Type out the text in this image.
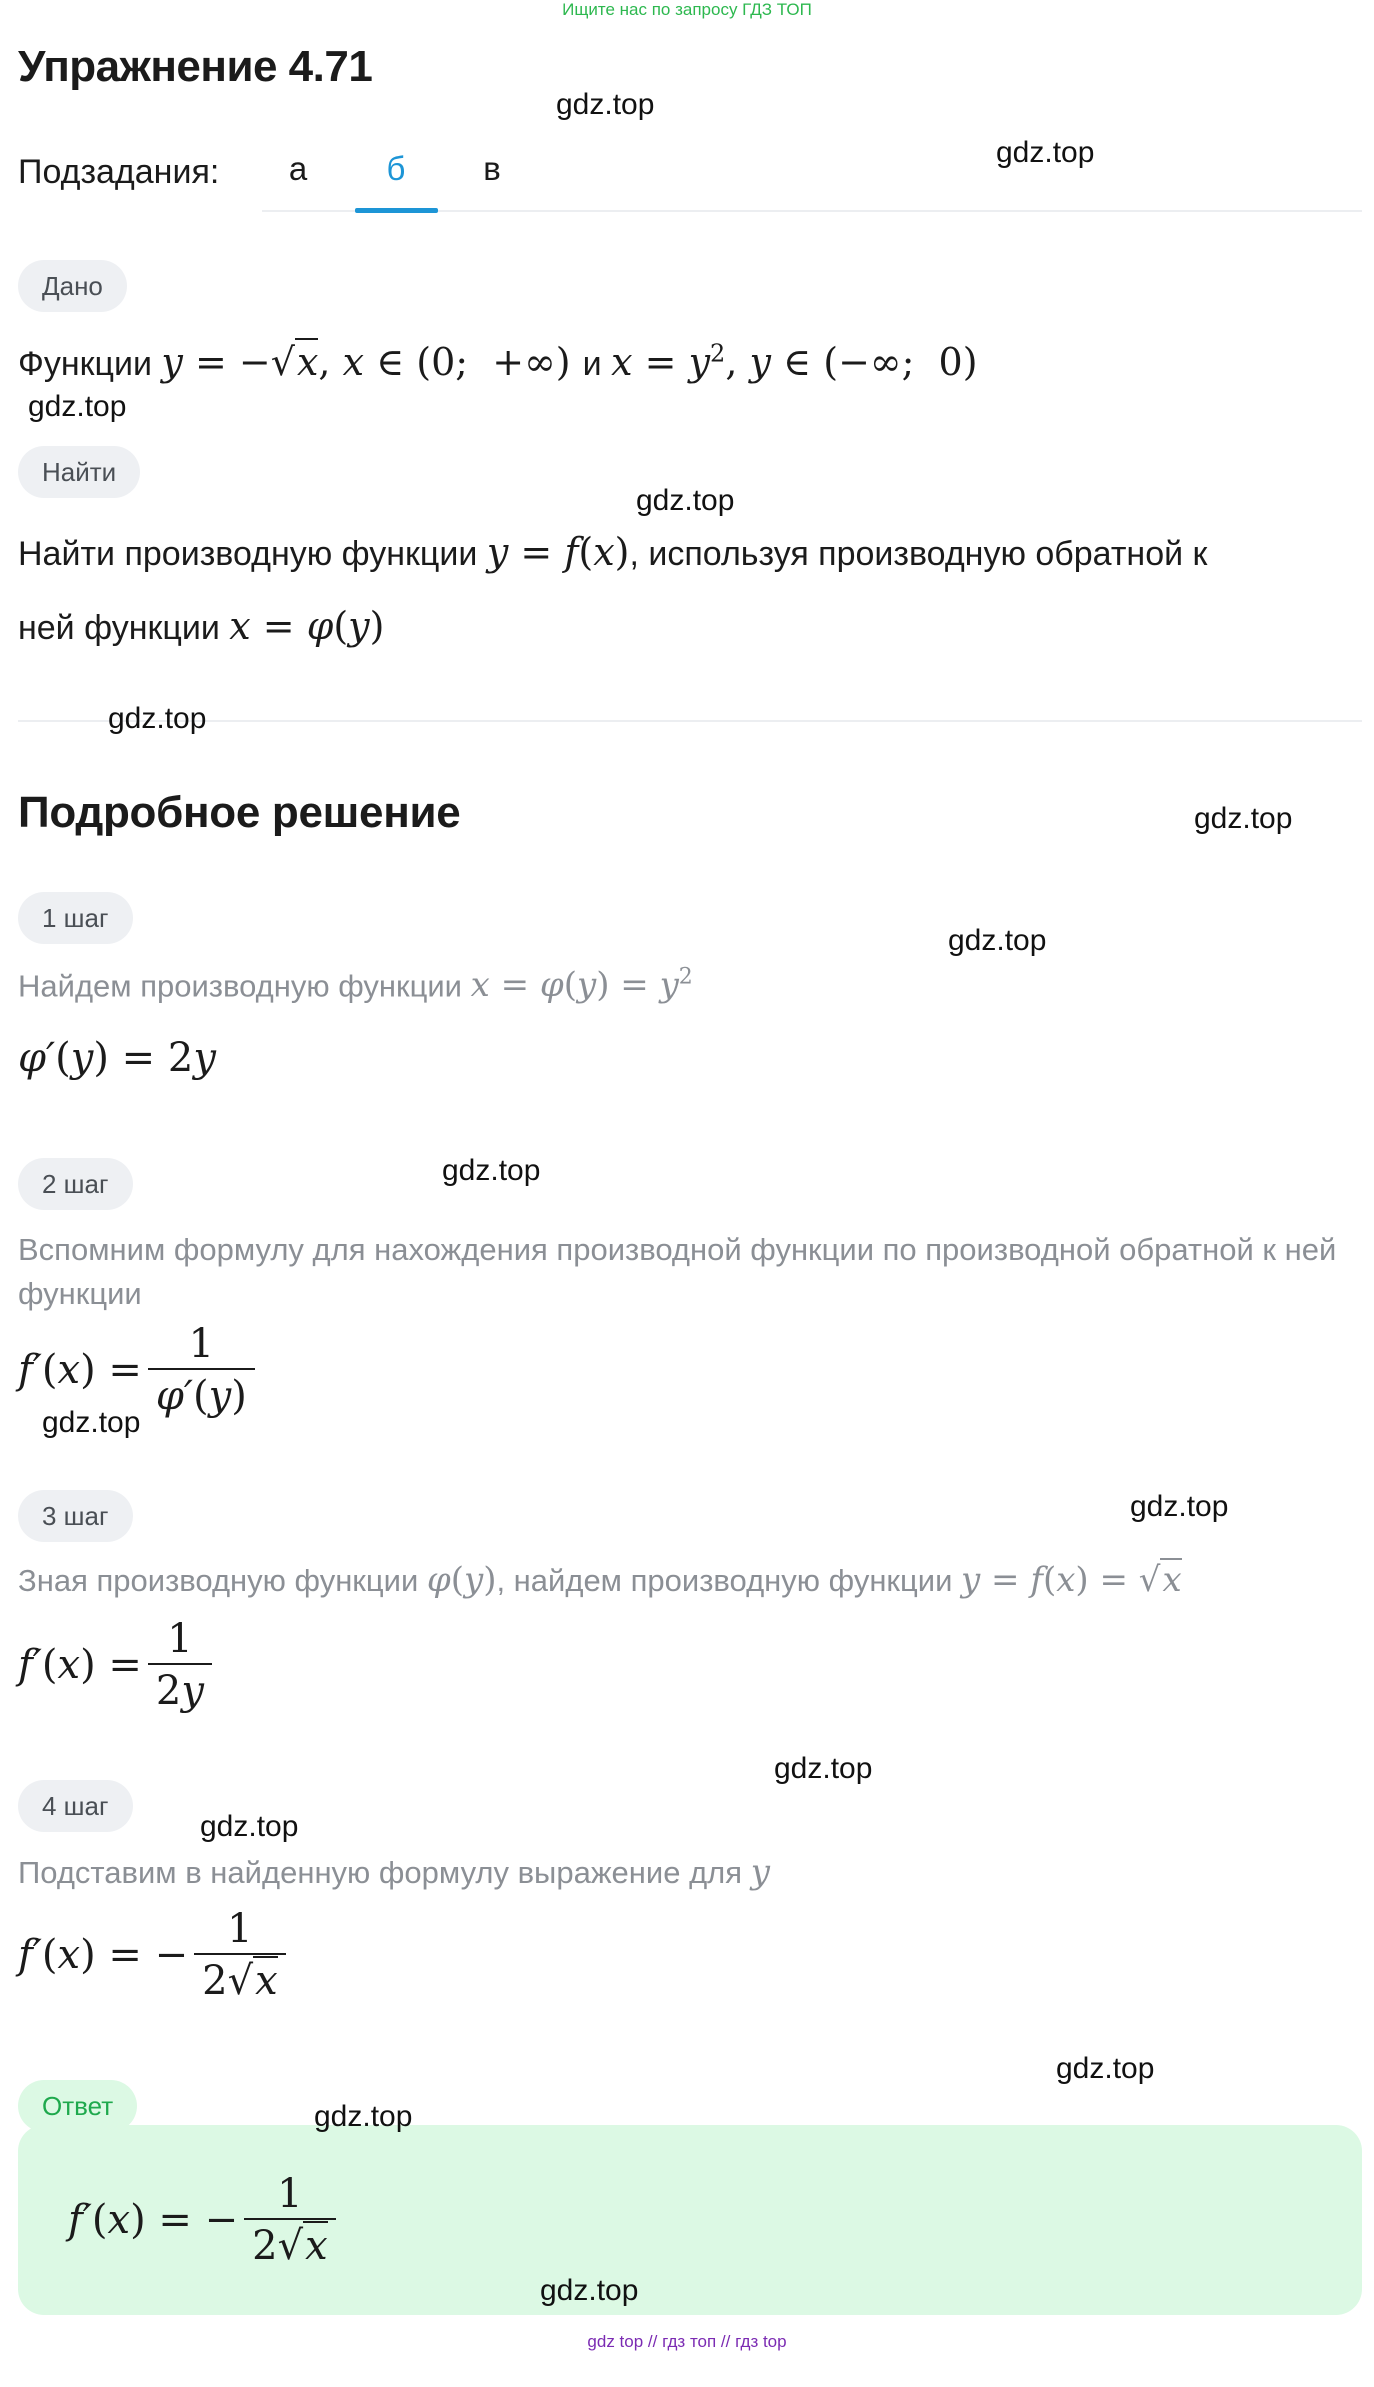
Ищите нас по запросу ГДЗ ТОП
Упражнение 4.71
Подзадания:	а	б	в
Дано
Функции y = −√x, x ∈ (0;  +∞) и $x = y^2$, y ∈ (−∞;  0)
Найти
Найти производную функции y = f(x), используя производную обратной к
ней функции x = φ(y)
Подробное решение
1 шаг
Найдем производную функции $x = \varphi(y) = y^2$
φ′ ( y ) = 2 y
2 шаг
Вспомним формулу для нахождения производной функции по производной обратной к ней функции
f′ ( x ) = $\frac{1}{\varphi'(y)}$
3 шаг
Зная производную функции φ(y), найдем производную функции y = f(x) = √x
f′ ( x ) = $\frac{1}{2y}$
4 шаг
Подставим в найденную формулу выражение для y
f′ ( x ) = − $\frac{1}{2√x}$
Ответ
f′ ( x ) = − $\frac{1}{2√x}$
gdz.top
gdz.top
gdz.top
gdz.top
gdz.top
gdz.top
gdz.top
gdz.top
gdz.top
gdz.top
gdz.top
gdz.top
gdz.top
gdz.top
gdz.top
gdz top // гдз топ // гдз top
